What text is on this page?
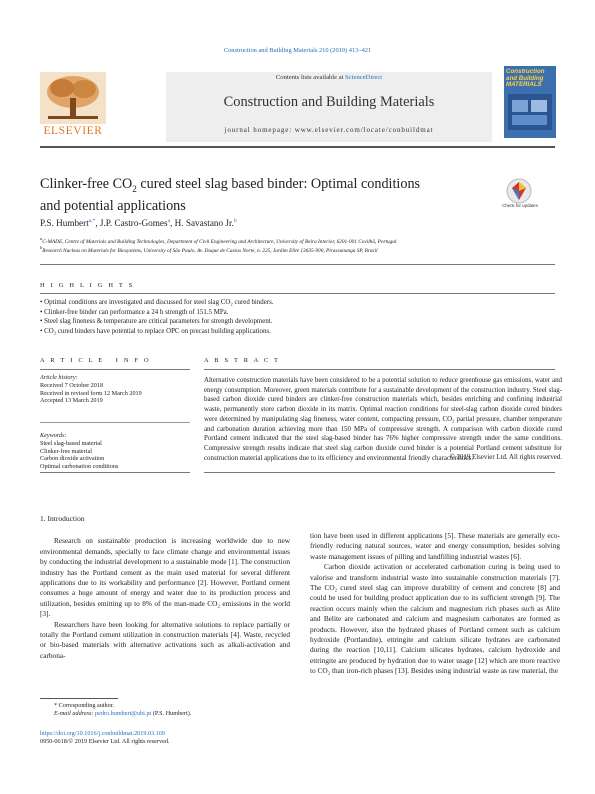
Construction and Building Materials 210 (2019) 413–421
ELSEVIER
Contents lists available at ScienceDirect
Construction and Building Materials
journal homepage: www.elsevier.com/locate/conbuildmat
Construction and Building MATERIALS
Clinker-free $CO_2$ cured steel slag based binder: Optimal conditions
and potential applications	Check for updates
P.S. Humbert$^{a,*}$, J.P. Castro-Gomes$^a$, H. Savastano Jr.$^b$
$^a$C-MADE, Centre of Materials and Building Technologies, Department of Civil Engineering and Architecture, University of Beira Interior, 6201-001 Covilhã, Portugal
$^b$Research Nucleus on Materials for Biosystems, University of São Paulo, Av. Duque de Caxias Norte, n. 225, Jardim Elite 13635-900, Pirassununga SP, Brazil
H I G H L I G H T S
• Optimal conditions are investigated and discussed for steel slag CO₂ cured binders.
• Clinker-free binder can performance a 24 h strength of 151.5 MPa.
• Steel slag fineness & temperature are critical parameters for strength development.
• CO₂ cured binders have potential to replace OPC on precast building applications.
A R T I C L E   I N F O	A B S T R A C T
Article history:
Received 7 October 2018
Received in revised form 12 March 2019
Accepted 13 March 2019
Keywords:
Steel slag-based material
Clinker-free material
Carbon dioxide activation
Optimal carbonation conditions
Alternative construction materials have been considered to be a potential solution to reduce greenhouse gas emissions, water and energy consumption. Moreover, green materials contribute for a sustainable development of the construction industry. Steel slag-based carbon dioxide cured binders are clinker-free construction materials which, besides enriching and confining industrial waste, permanently store carbon dioxide in its matrix. Optimal reaction conditions for steel-slag carbon dioxide cured binders were determined by manipulating slag fineness, water content, compacting pressure, CO₂ partial pressure, chamber temperature and carbonation duration achieving more than 150 MPa of compressive strength. A comparison with carbon dioxide cured Portland cement indicated that the steel slag-based binder has 76% higher compressive strength under the same conditions. Compressive strength results indicate that steel slag carbon dioxide cured binder is a potential Portland cement substitute for construction material applications due to its efficiency and environmental friendly characteristics.
© 2019 Elsevier Ltd. All rights reserved.
1. Introduction

Research on sustainable production is increasing worldwide due to new environmental demands, specially to face climate change and environmental issues by conducting the industrial development to a sustainable mode [1]. The construction industry has the Portland cement as the main used material for several different applications due to its workability and performance [2]. However, Portland cement consumes a huge amount of energy and water due to its production process and utilization, besides emitting up to 8% of the man-made CO₂ emissions in the world [3].

Researchers have been looking for alternative solutions to replace partially or totally the Portland cement utilization in construction materials [4]. Waste, recycled or bio-based materials with alternative activations such as alkali-activation and carbona-

tion have been used in different applications [5]. These materials are generally eco-friendly reducing natural sources, water and energy consumption, besides solving waste management issues of pilling and landfilling industrial wastes [6].

Carbon dioxide activation or accelerated carbonation curing is being used to valorise and transform industrial waste into sustainable construction materials [7]. The CO₂ cured steel slag can improve durability of cement and concrete [8] and could be used for building product application due to its sufficient strength [9]. The reaction occurs mainly when the calcium and magnesium rich phases such as Alite and Belite are carbonated and calcium and magnesium carbonates are formed as products. However, also the hydrated phases of Portland cement such as calcium hydroxide (Portlandite), ettringite and calcium silicate hydrates are carbonated during the reaction [10,11]. Calcium silicates hydrates, calcium hydroxide and ettringite are produced by hydration due to water usage [12] which are more reactive to CO₂ than iron-rich phases [13]. Besides using industrial waste as raw material, the

* Corresponding author.
E-mail address: pedro.humbert@ubi.pt (P.S. Humbert).
https://doi.org/10.1016/j.conbuildmat.2019.03.169
0950-0618/© 2019 Elsevier Ltd. All rights reserved.
